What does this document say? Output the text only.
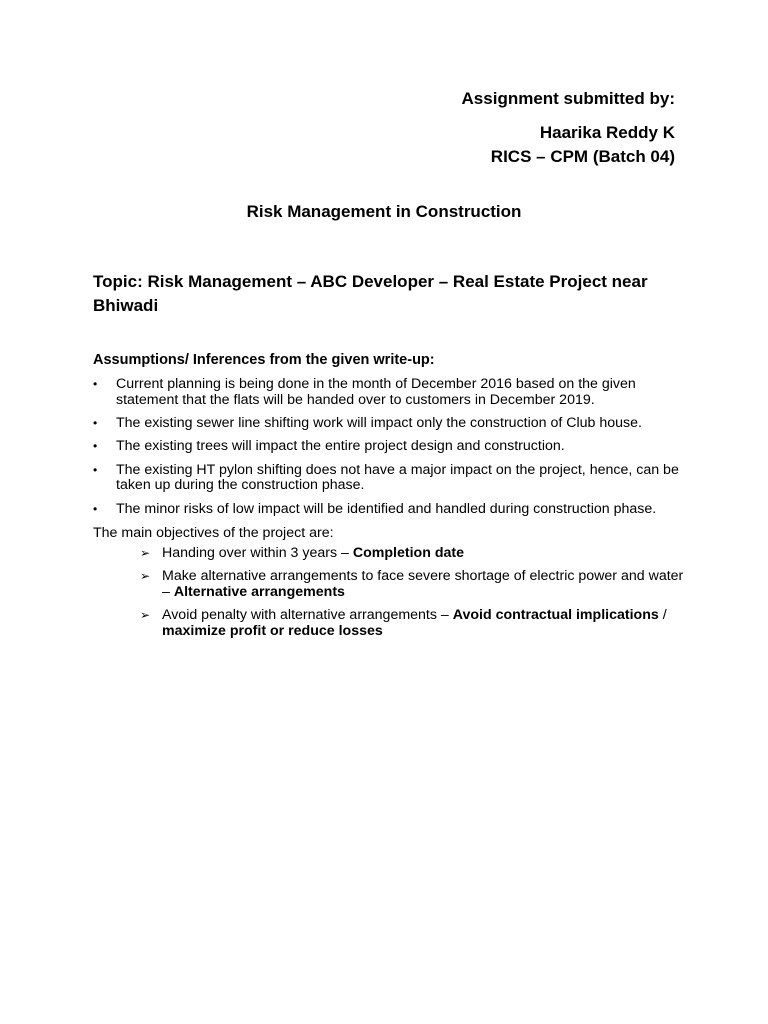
Assignment submitted by:
Haarika Reddy K
RICS – CPM (Batch 04)
Risk Management in Construction
Topic: Risk Management – ABC Developer – Real Estate Project near Bhiwadi
Assumptions/ Inferences from the given write-up:
• Current planning is being done in the month of December 2016 based on the given statement that the flats will be handed over to customers in December 2019.
• The existing sewer line shifting work will impact only the construction of Club house.
• The existing trees will impact the entire project design and construction.
• The existing HT pylon shifting does not have a major impact on the project, hence, can be taken up during the construction phase.
• The minor risks of low impact will be identified and handled during construction phase.
The main objectives of the project are:
➢ Handing over within 3 years – Completion date
➢ Make alternative arrangements to face severe shortage of electric power and water – Alternative arrangements
➢ Avoid penalty with alternative arrangements – Avoid contractual implications / maximize profit or reduce losses
